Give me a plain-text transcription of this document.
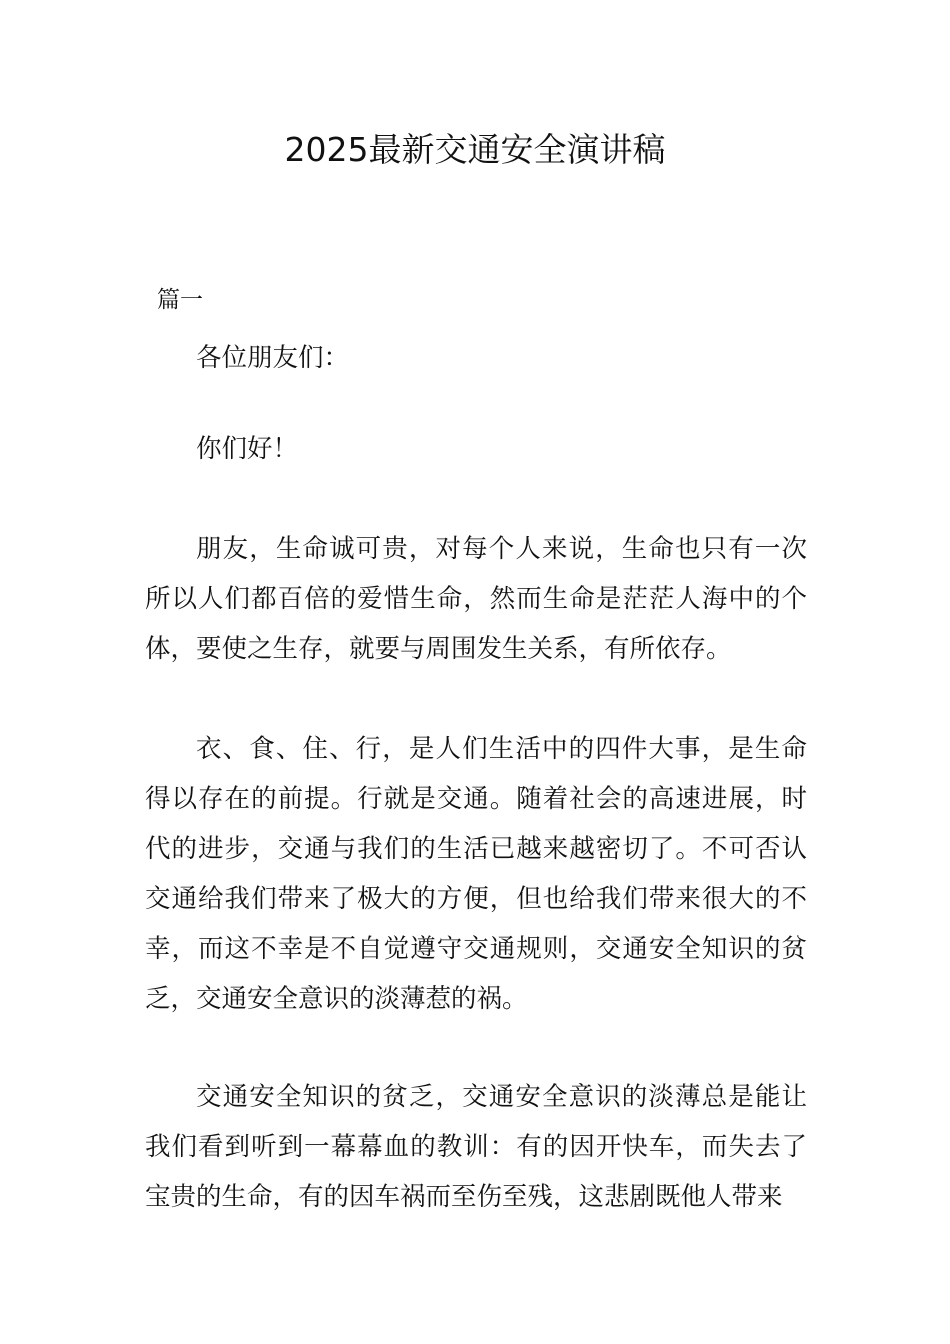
2025最新交通安全演讲稿

篇一

各位朋友们：

你们好！

朋友，生命诚可贵，对每个人来说，生命也只有一次所以人们都百倍的爱惜生命，然而生命是茫茫人海中的个体，要使之生存，就要与周围发生关系，有所依存。

衣、食、住、行，是人们生活中的四件大事，是生命得以存在的前提。行就是交通。随着社会的高速进展，时代的进步，交通与我们的生活已越来越密切了。不可否认交通给我们带来了极大的方便，但也给我们带来很大的不幸，而这不幸是不自觉遵守交通规则，交通安全知识的贫乏，交通安全意识的淡薄惹的祸。

交通安全知识的贫乏，交通安全意识的淡薄总是能让我们看到听到一幕幕血的教训：有的因开快车，而失去了宝贵的生命，有的因车祸而至伤至残，这悲剧既他人带来
